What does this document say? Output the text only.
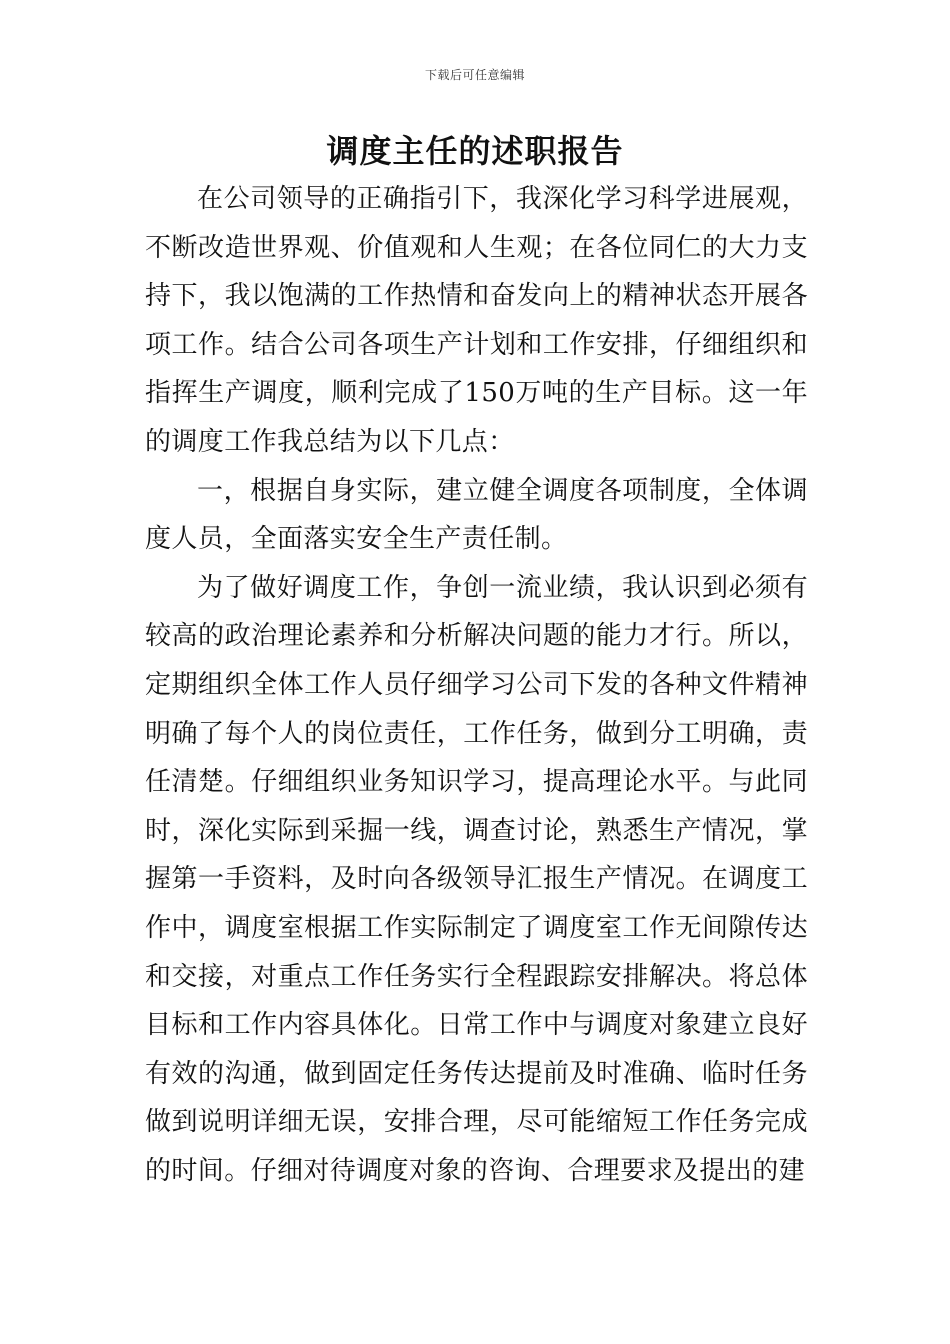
下载后可任意编辑
调度主任的述职报告

在公司领导的正确指引下，我深化学习科学进展观，不断改造世界观、价值观和人生观；在各位同仁的大力支持下，我以饱满的工作热情和奋发向上的精神状态开展各项工作。结合公司各项生产计划和工作安排，仔细组织和指挥生产调度，顺利完成了150万吨的生产目标。这一年的调度工作我总结为以下几点：

一，根据自身实际，建立健全调度各项制度，全体调度人员，全面落实安全生产责任制。

为了做好调度工作，争创一流业绩，我认识到必须有较高的政治理论素养和分析解决问题的能力才行。所以，定期组织全体工作人员仔细学习公司下发的各种文件精神明确了每个人的岗位责任，工作任务，做到分工明确，责任清楚。仔细组织业务知识学习，提高理论水平。与此同时，深化实际到采掘一线，调查讨论，熟悉生产情况，掌握第一手资料，及时向各级领导汇报生产情况。在调度工作中，调度室根据工作实际制定了调度室工作无间隙传达和交接，对重点工作任务实行全程跟踪安排解决。将总体目标和工作内容具体化。日常工作中与调度对象建立良好有效的沟通，做到固定任务传达提前及时准确、临时任务做到说明详细无误，安排合理，尽可能缩短工作任务完成的时间。仔细对待调度对象的咨询、合理要求及提出的建
